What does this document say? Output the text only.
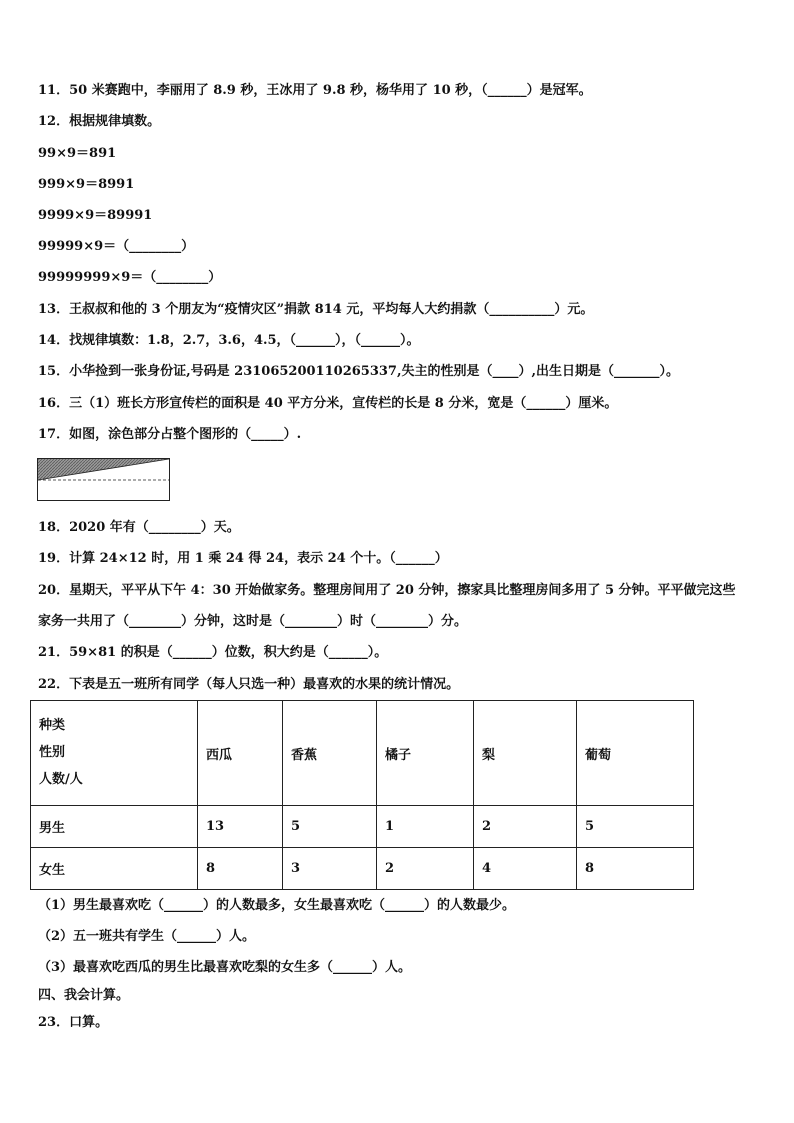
11．50 米赛跑中，李丽用了 8.9 秒，王冰用了 9.8 秒，杨华用了 10 秒，（______）是冠军。
12．根据规律填数。
99×9＝891
999×9＝8991
9999×9＝89991
99999×9＝（________）
99999999×9＝（________）
13．王叔叔和他的 3 个朋友为“疫情灾区”捐款 814 元，平均每人大约捐款（__________）元。
14．找规律填数：1.8，2.7，3.6，4.5，（______），（______）。
15．小华捡到一张身份证,号码是 231065200110265337,失主的性别是（____）,出生日期是（_______）。
16．三（1）班长方形宣传栏的面积是 40 平方分米，宣传栏的长是 8 分米，宽是（______）厘米。
17．如图，涂色部分占整个图形的（_____）.
18．2020 年有（________）天。
19．计算 24×12 时，用 1 乘 24 得 24，表示 24 个十。（______）
20．星期天，平平从下午 4：30 开始做家务。整理房间用了 20 分钟，擦家具比整理房间多用了 5 分钟。平平做完这些
家务一共用了（________）分钟，这时是（________）时（________）分。
21．59×81 的积是（______）位数，积大约是（______）。
22．下表是五一班所有同学（每人只选一种）最喜欢的水果的统计情况。
种类
性别
人数/人	西瓜	香蕉	橘子	梨	葡萄
男生	13	5	1	2	5
女生	8	3	2	4	8
（1）男生最喜欢吃（______）的人数最多，女生最喜欢吃（______）的人数最少。
（2）五一班共有学生（______）人。
（3）最喜欢吃西瓜的男生比最喜欢吃梨的女生多（______）人。
四、我会计算。
23．口算。
